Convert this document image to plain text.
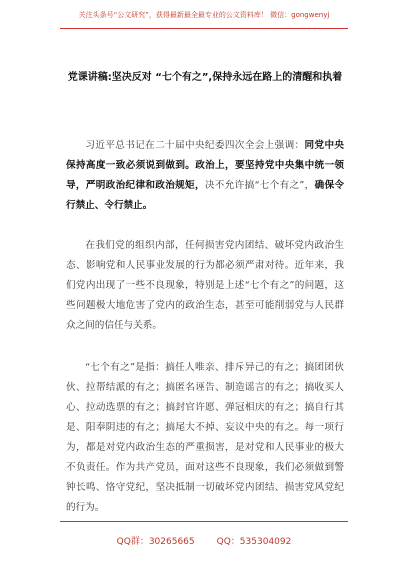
关注头条号“公文研究”，获得最新最全最专业的公文资料库！ 微信：gongwenyj
党课讲稿:坚决反对 “七个有之”,保持永远在路上的清醒和执着
习近平总书记在二十届中央纪委四次全会上强调：同党中央保持高度一致必须说到做到。政治上，要坚持党中央集中统一领导，严明政治纪律和政治规矩，决不允许搞“七个有之”，确保令行禁止、令行禁止。
在我们党的组织内部，任何损害党内团结、破坏党内政治生态、影响党和人民事业发展的行为都必须严肃对待。近年来，我们党内出现了一些不良现象，特别是上述“七个有之”的问题，这些问题极大地危害了党内的政治生态，甚至可能削弱党与人民群众之间的信任与关系。
“七个有之”是指：搞任人唯亲、排斥异己的有之；搞团团伙伙、拉帮结派的有之；搞匿名诬告、制造谣言的有之；搞收买人心、拉动选票的有之；搞封官许愿、弹冠相庆的有之；搞自行其是、阳奉阴违的有之；搞尾大不掉、妄议中央的有之。每一项行为，都是对党内政治生态的严重损害，是对党和人民事业的极大不负责任。作为共产党员，面对这些不良现象，我们必须做到警钟长鸣、恪守党纪，坚决抵制一切破坏党内团结、损害党风党纪的行为。
QQ群：30265665 QQ：535304092
